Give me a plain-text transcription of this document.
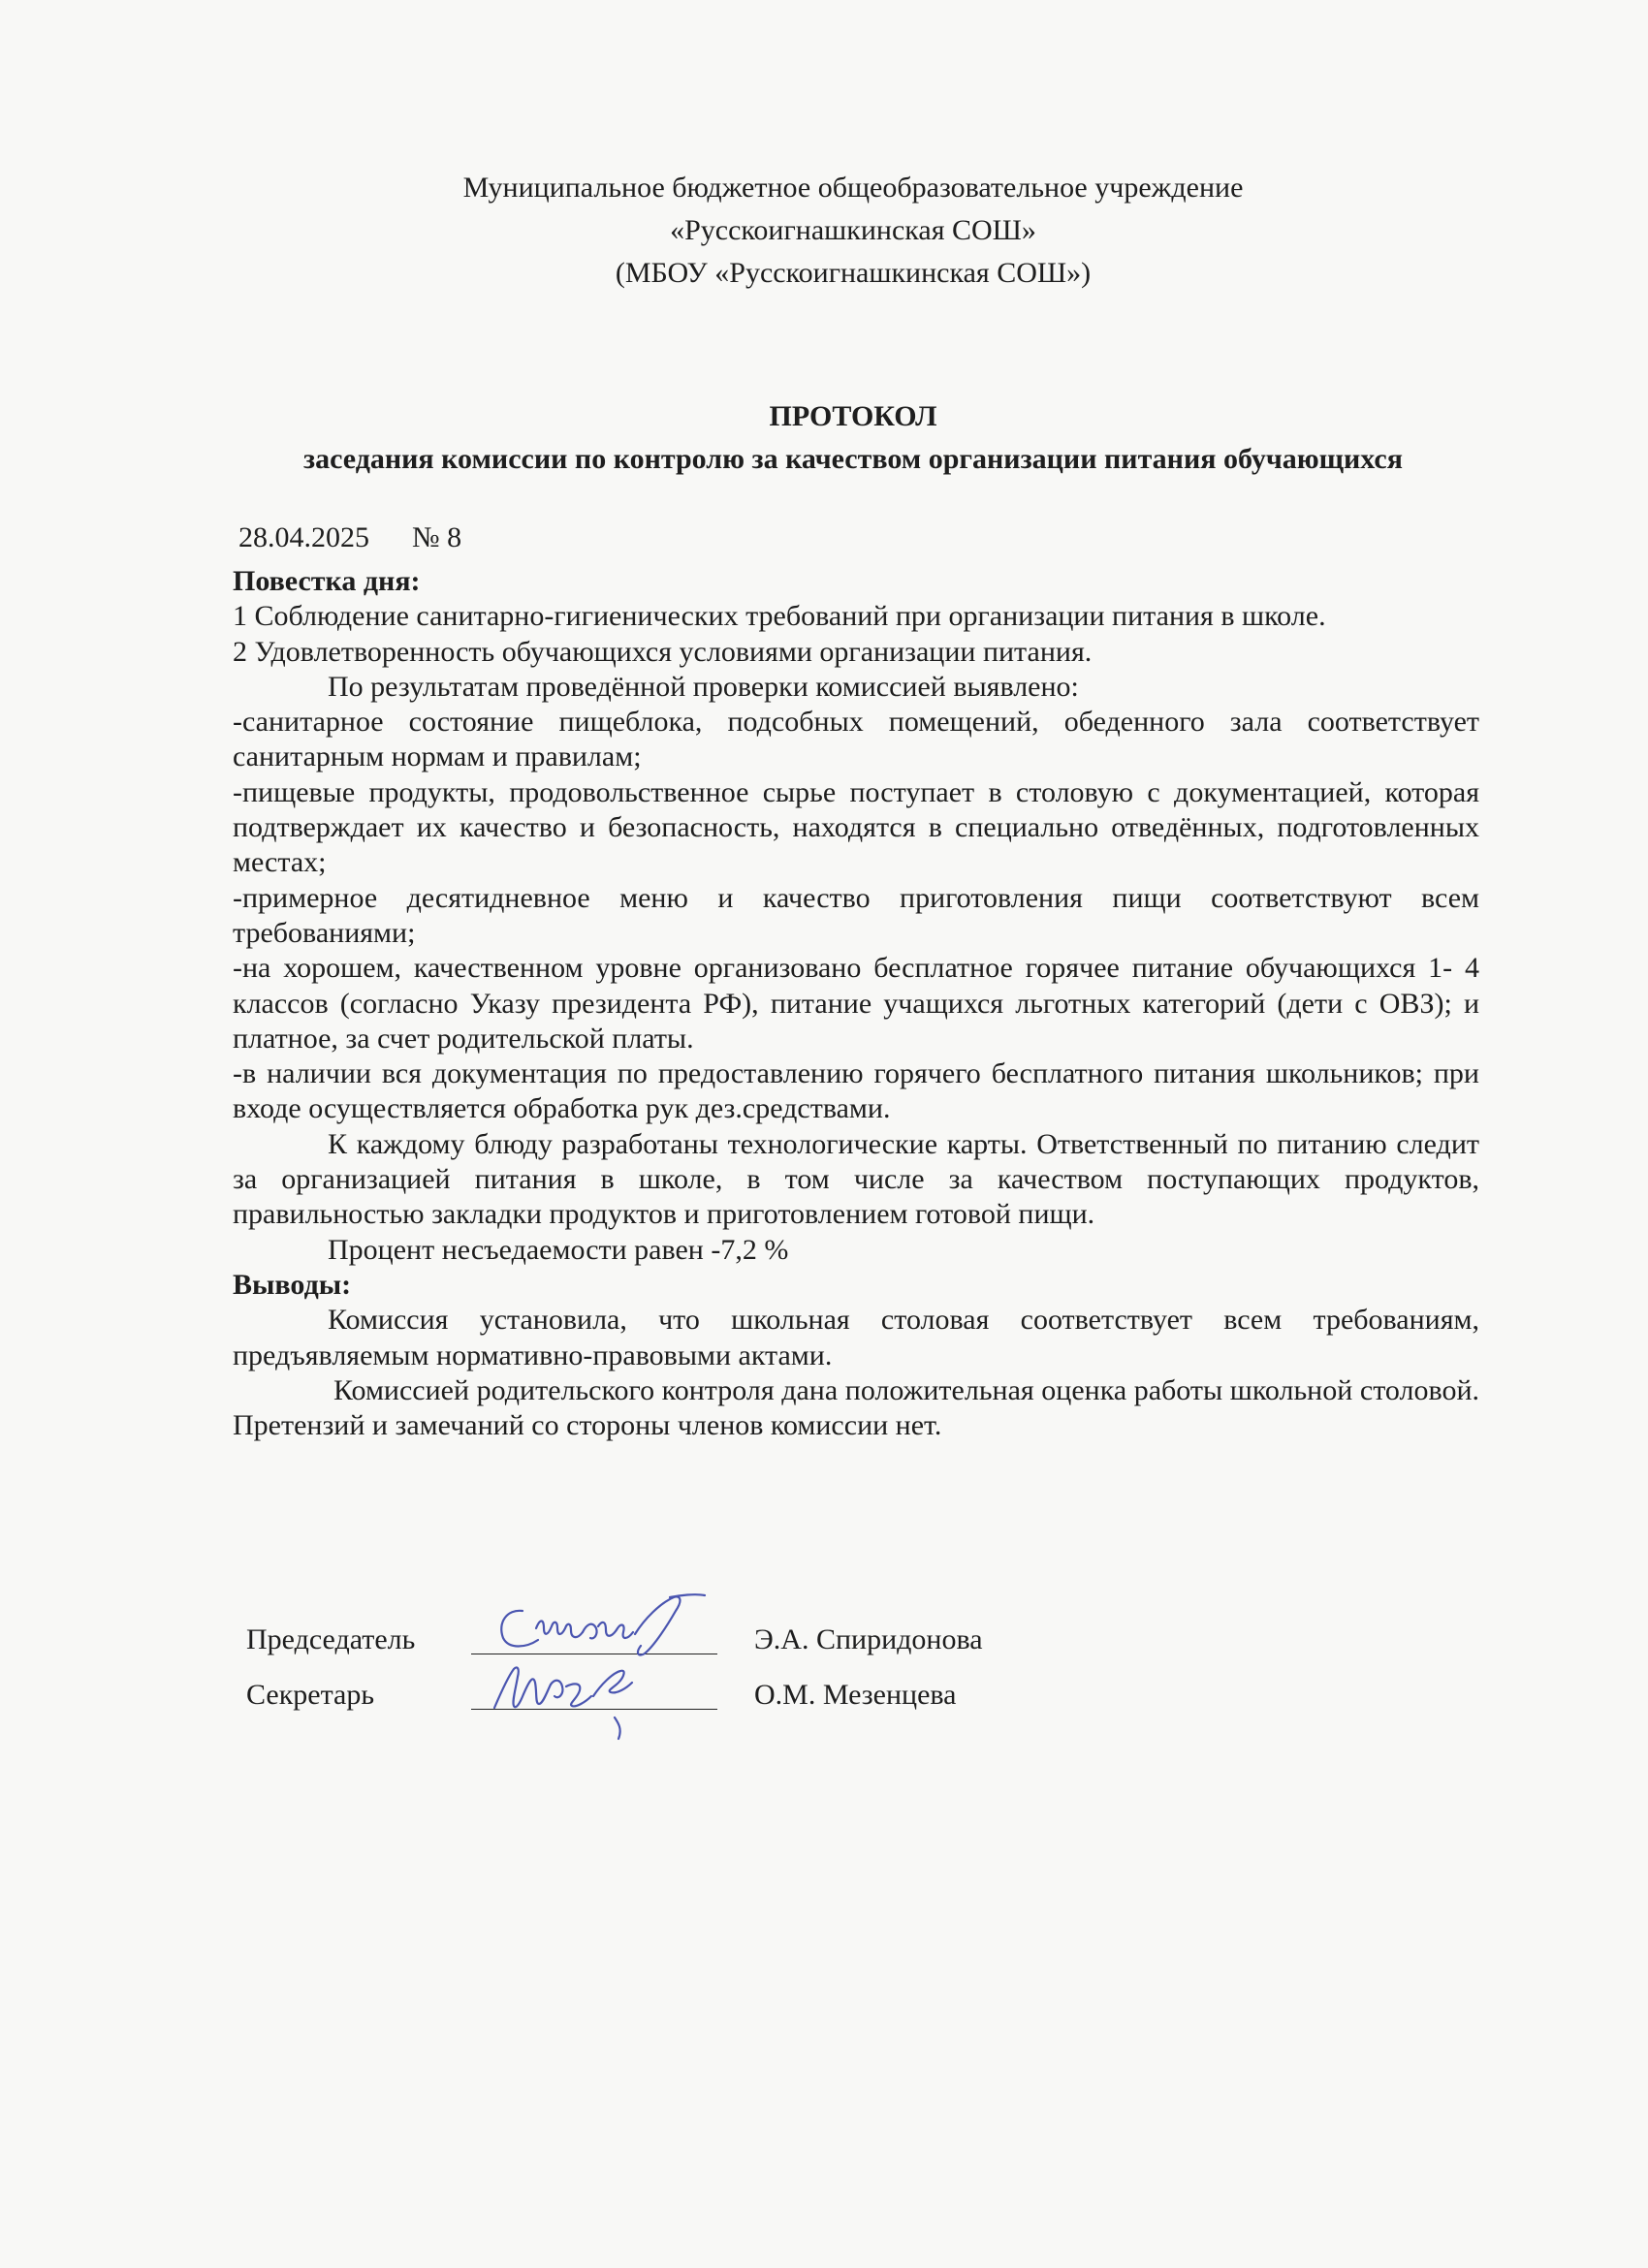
Муниципальное бюджетное общеобразовательное учреждение
«Русскоигнашкинская СОШ»
(МБОУ «Русскоигнашкинская СОШ»)
ПРОТОКОЛ
заседания комиссии по контролю за качеством организации питания обучающихся
28.04.2025 № 8

Повестка дня:

1 Соблюдение санитарно-гигиенических требований при организации питания в школе.

2 Удовлетворенность обучающихся условиями организации питания.

По результатам проведённой проверки комиссией выявлено:

-санитарное состояние пищеблока, подсобных помещений, обеденного зала соответствует санитарным нормам и правилам;

-пищевые продукты, продовольственное сырье поступает в столовую с документацией, которая подтверждает их качество и безопасность, находятся в специально отведённых, подготовленных местах;

-примерное десятидневное меню и качество приготовления пищи соответствуют всем требованиями;

-на хорошем, качественном уровне организовано бесплатное горячее питание обучающихся 1- 4 классов (согласно Указу президента РФ), питание учащихся льготных категорий (дети с ОВЗ); и платное, за счет родительской платы.

-в наличии вся документация по предоставлению горячего бесплатного питания школьников; при входе осуществляется обработка рук дез.средствами.

К каждому блюду разработаны технологические карты. Ответственный по питанию следит за организацией питания в школе, в том числе за качеством поступающих продуктов, правильностью закладки продуктов и приготовлением готовой пищи.

Процент несъедаемости равен -7,2 %

Выводы:

Комиссия установила, что школьная столовая соответствует всем требованиям, предъявляемым нормативно-правовыми актами.

Комиссией родительского контроля дана положительная оценка работы школьной столовой. Претензий и замечаний со стороны членов комиссии нет.

Председатель	Э.А. Спиридонова
Секретарь	О.М. Мезенцева
